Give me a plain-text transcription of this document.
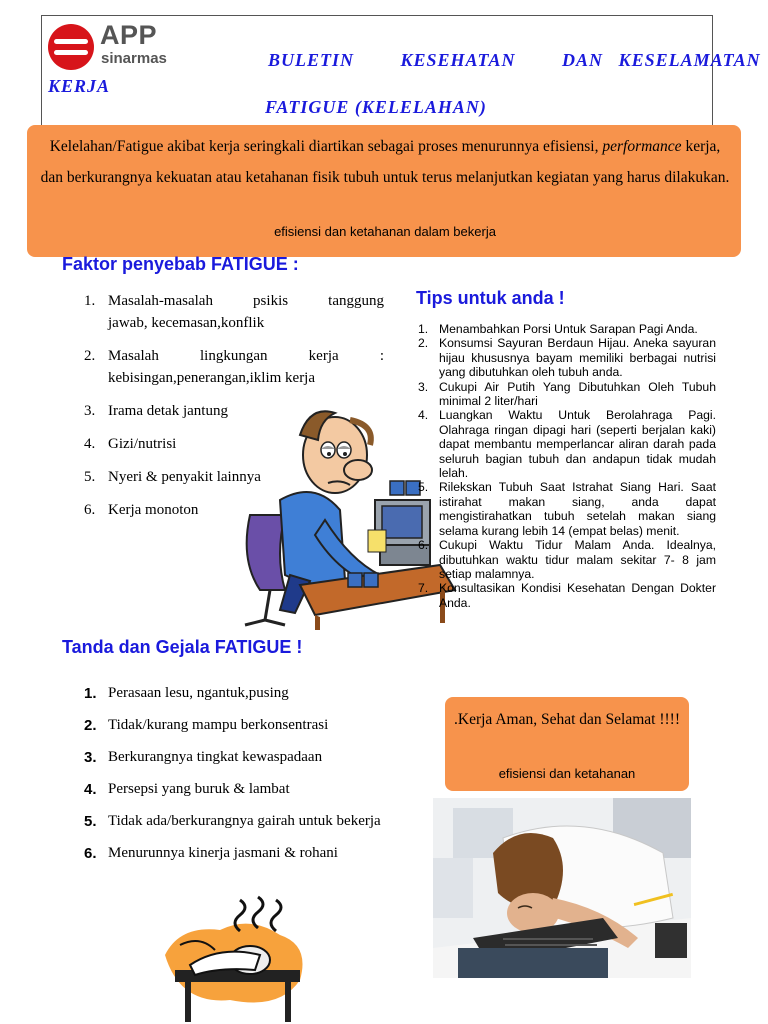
APP
sinarmas	BULETIN   KESEHATAN   DAN KESELAMATAN
KERJA
FATIGUE (KELELAHAN)
Kelelahan/Fatigue akibat kerja seringkali diartikan sebagai proses menurunnya efisiensi, performance kerja, dan berkurangnya kekuatan atau ketahanan fisik tubuh untuk terus melanjutkan kegiatan yang harus dilakukan.
efisiensi dan ketahanan dalam bekerja
Faktor penyebab FATIGUE :
1. Masalah-masalah psikis tanggung
jawab, kecemasan,konflik
2. Masalah lingkungan kerja :
kebisingan,penerangan,iklim kerja
3. Irama detak jantung
4. Gizi/nutrisi
5. Nyeri & penyakit lainnya
6. Kerja monoton
Tips untuk anda !
1. Menambahkan Porsi Untuk Sarapan Pagi Anda.
2. Konsumsi Sayuran Berdaun Hijau. Aneka sayuran hijau khususnya bayam memiliki berbagai nutrisi yang dibutuhkan oleh tubuh anda.
3. Cukupi Air Putih Yang Dibutuhkan Oleh Tubuh minimal 2 liter/hari
4. Luangkan Waktu Untuk Berolahraga Pagi. Olahraga ringan dipagi hari (seperti berjalan kaki) dapat membantu memperlancar aliran darah pada seluruh bagian tubuh dan andapun tidak mudah lelah.
5. Rilekskan Tubuh Saat Istrahat Siang Hari. Saat istirahat makan siang, anda dapat mengistirahatkan tubuh setelah makan siang selama kurang lebih 14 (empat belas) menit.
6. Cukupi Waktu Tidur Malam Anda. Idealnya, dibutuhkan waktu tidur malam sekitar 7- 8 jam setiap malamnya.
7. Konsultasikan Kondisi Kesehatan Dengan Dokter Anda.
Tanda dan Gejala FATIGUE !
1. Perasaan lesu, ngantuk,pusing
2. Tidak/kurang mampu berkonsentrasi
3. Berkurangnya tingkat kewaspadaan
4. Persepsi yang buruk & lambat
5. Tidak ada/berkurangnya gairah untuk bekerja
6. Menurunnya kinerja jasmani & rohani
.Kerja Aman, Sehat dan Selamat !!!!
efisiensi dan ketahanan
